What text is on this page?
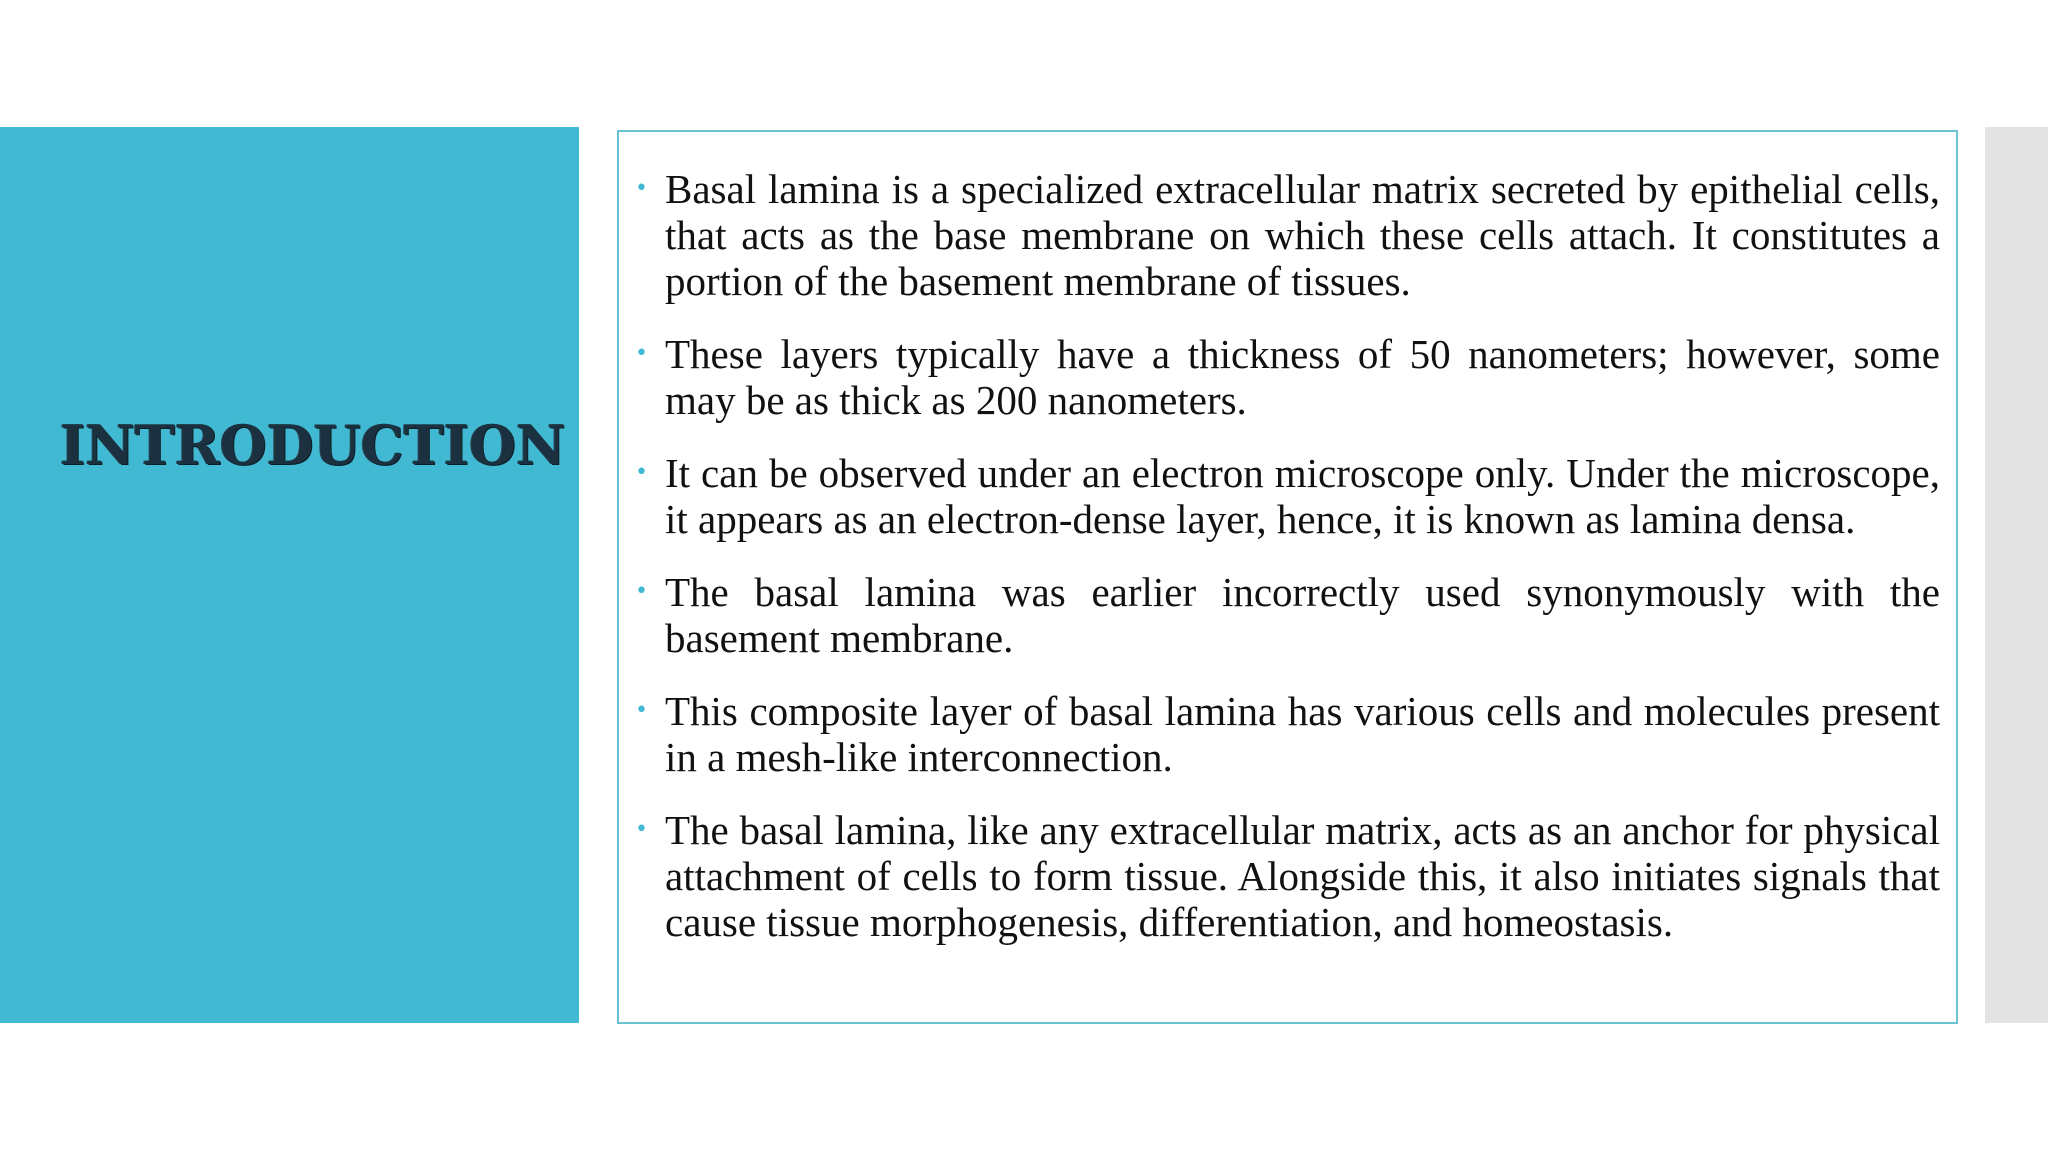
INTRODUCTION
• Basal lamina is a specialized extracellular matrix secreted by epithelial cells, that acts as the base membrane on which these cells attach. It constitutes a portion of the basement membrane of tissues.
• These layers typically have a thickness of 50 nanometers; however, some may be as thick as 200 nanometers.
• It can be observed under an electron microscope only. Under the microscope, it appears as an electron-dense layer, hence, it is known as lamina densa.
• The basal lamina was earlier incorrectly used synonymously with the basement membrane.
• This composite layer of basal lamina has various cells and molecules present in a mesh-like interconnection.
• The basal lamina, like any extracellular matrix, acts as an anchor for physical attachment of cells to form tissue. Alongside this, it also initiates signals that cause tissue morphogenesis, differentiation, and homeostasis.
